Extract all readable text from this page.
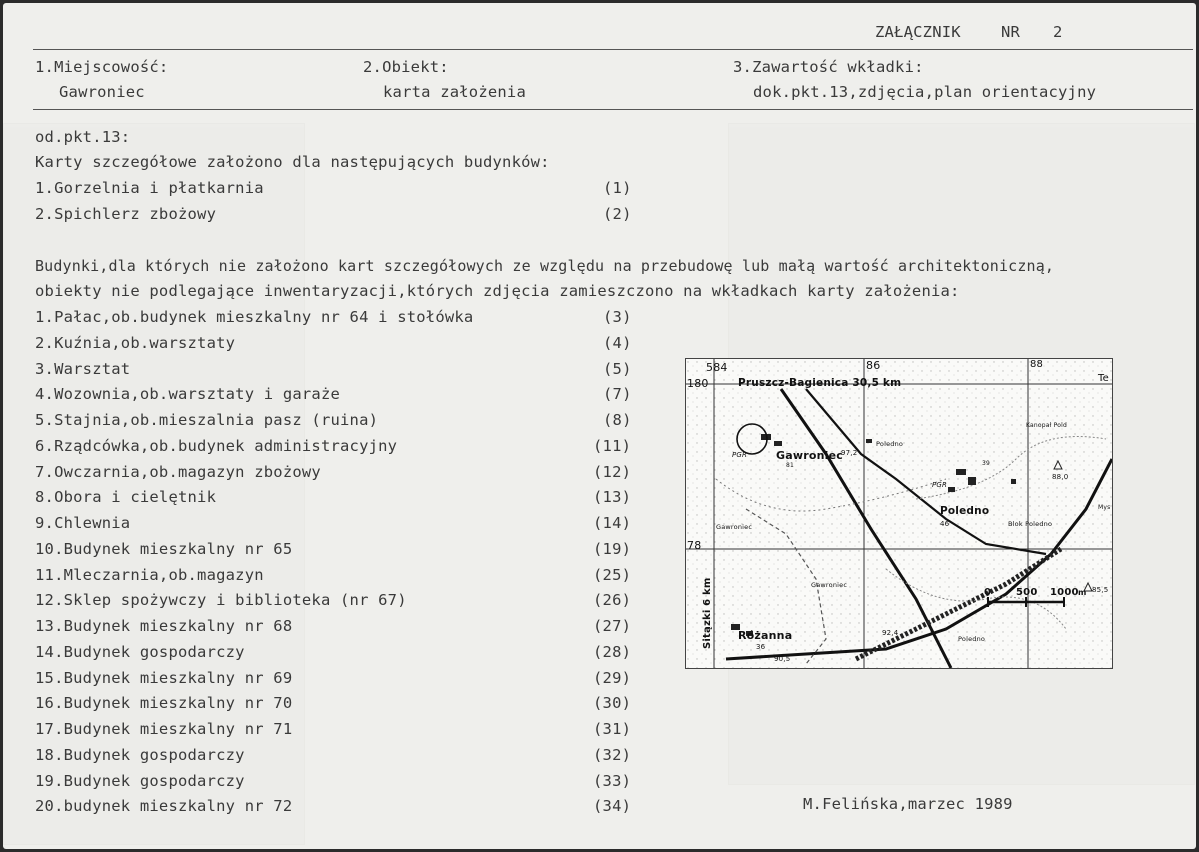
ZAŁĄCZNIK	NR 2
1.Miejscowość:
Gawroniec
2.Obiekt:
karta założenia
3.Zawartość wkładki:
dok.pkt.13,zdjęcia,plan orientacyjny
od.pkt.13:
Karty szczegółowe założono dla następujących budynków:
1.Gorzelnia i płatkarnia	(1)
2.Spichlerz zbożowy	(2)
Budynki,dla których nie założono kart szczegółowych ze względu na przebudowę lub małą wartość architektoniczną,
obiekty nie podlegające inwentaryzacji,których zdjęcia zamieszczono na wkładkach karty założenia:
1.Pałac,ob.budynek mieszkalny nr 64 i stołówka	(3)
2.Kuźnia,ob.warsztaty	(4)
3.Warsztat	(5)
4.Wozownia,ob.warsztaty i garaże	(7)
5.Stajnia,ob.mieszalnia pasz (ruina)	(8)
6.Rządcówka,ob.budynek administracyjny	(11)
7.Owczarnia,ob.magazyn zbożowy	(12)
8.Obora i cielętnik	(13)
9.Chlewnia	(14)
10.Budynek mieszkalny nr 65	(19)
11.Mleczarnia,ob.magazyn	(25)
12.Sklep spożywczy i biblioteka (nr 67)	(26)
13.Budynek mieszkalny nr 68	(27)
14.Budynek gospodarczy	(28)
15.Budynek mieszkalny nr 69	(29)
16.Budynek mieszkalny nr 70	(30)
17.Budynek mieszkalny nr 71	(31)
18.Budynek gospodarczy	(32)
19.Budynek gospodarczy	(33)
20.budynek mieszkalny nr 72	(34)	M.Felińska,marzec 1989
584	86	88
180
78
Te
Pruszcz-Bagienica 30,5 km
Sitązki 6 km
Gawroniec
Poledno
Różanna
PGR
PGR
Gawroniec
Gawroniec
Blok Poledno
Poledno
Poledno
Kanopał Pold
Mys
97,2
46
36
88,0
85,5
92,4
90,5
81	39
0 500 1000 m
